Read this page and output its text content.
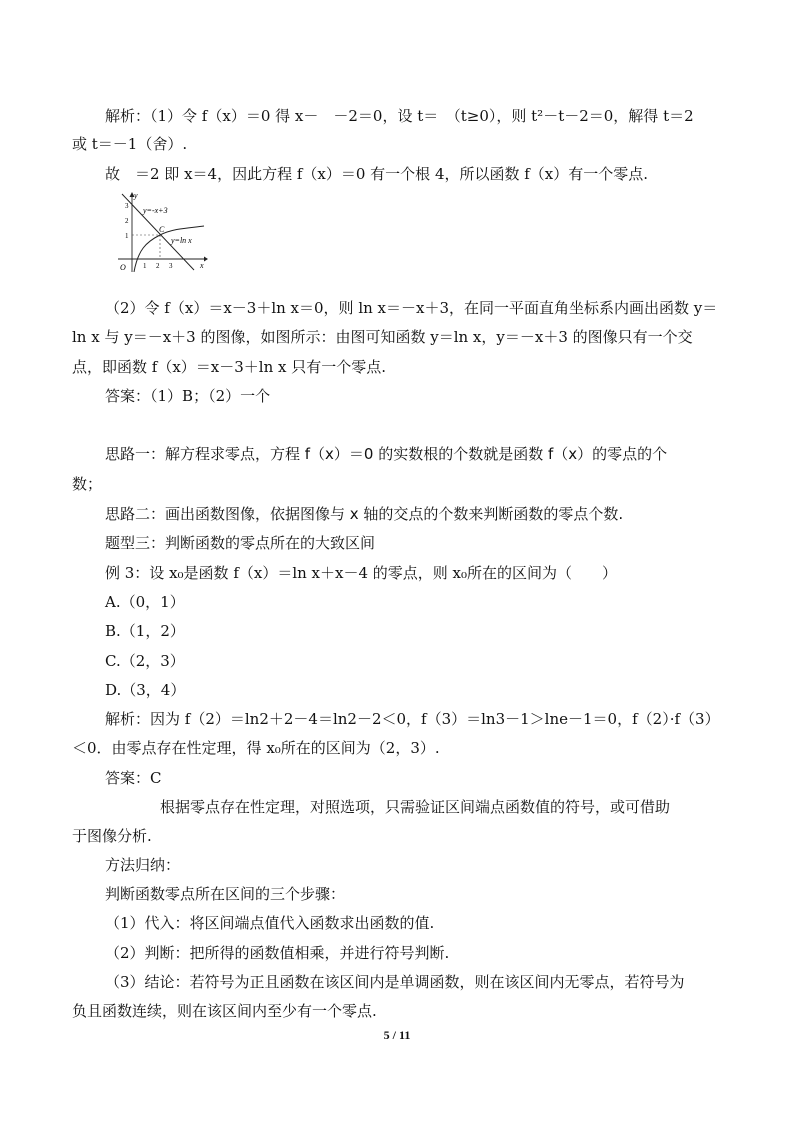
解析：（1）令 f（x）＝0 得 x－　－2＝0，设 t＝　（t≥0），则 t²－t－2＝0，解得 t＝2
或 t＝－1（舍）.
故　＝2 即 x＝4，因此方程 f（x）＝0 有一个根 4，所以函数 f（x）有一个零点.
y
x
O
3
2
1
1 2 3
y=-x+3
y=ln x
C
（2）令 f（x）＝x－3＋ln x＝0，则 ln x＝－x＋3，在同一平面直角坐标系内画出函数 y＝
ln x 与 y＝－x＋3 的图像，如图所示：由图可知函数 y＝ln x，y＝－x＋3 的图像只有一个交
点，即函数 f（x）＝x－3＋ln x 只有一个零点.
答案：（1）B；（2）一个
思路一：解方程求零点，方程 f（x）＝0 的实数根的个数就是函数 f（x）的零点的个
数；
思路二：画出函数图像，依据图像与 x 轴的交点的个数来判断函数的零点个数.
题型三：判断函数的零点所在的大致区间
例 3：设 x₀是函数 f（x）＝ln x＋x－4 的零点，则 x₀所在的区间为（　　）
A.（0，1）
B.（1，2）
C.（2，3）
D.（3，4）
解析：因为 f（2）＝ln2＋2－4＝ln2－2＜0，f（3）＝ln3－1＞lne－1＝0，f（2）·f（3）
＜0．由零点存在性定理，得 x₀所在的区间为（2，3）.
答案：C
根据零点存在性定理，对照选项，只需验证区间端点函数值的符号，或可借助
于图像分析.
方法归纳：
判断函数零点所在区间的三个步骤：
（1）代入：将区间端点值代入函数求出函数的值.
（2）判断：把所得的函数值相乘，并进行符号判断.
（3）结论：若符号为正且函数在该区间内是单调函数，则在该区间内无零点，若符号为
负且函数连续，则在该区间内至少有一个零点.
5 / 11
